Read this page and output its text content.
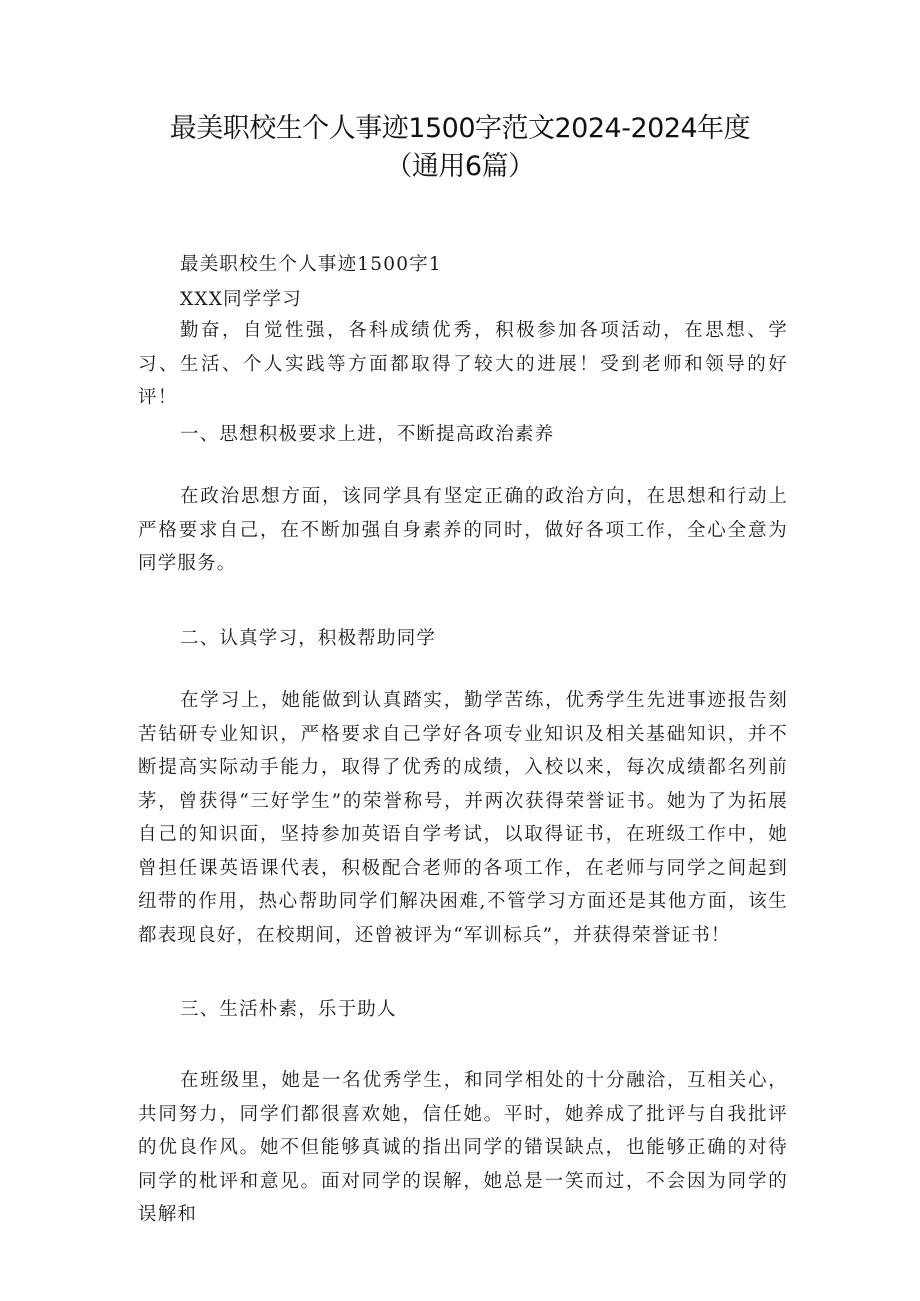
最美职校生个人事迹1500字范文2024-2024年度（通用6篇）
最美职校生个人事迹1500字1
XXX同学学习
勤奋，自觉性强，各科成绩优秀，积极参加各项活动，在思想、学习、生活、个人实践等方面都取得了较大的进展！受到老师和领导的好评！
一、思想积极要求上进，不断提高政治素养
在政治思想方面，该同学具有坚定正确的政治方向，在思想和行动上严格要求自己，在不断加强自身素养的同时，做好各项工作，全心全意为同学服务。
二、认真学习，积极帮助同学
在学习上，她能做到认真踏实，勤学苦练，优秀学生先进事迹报告刻苦钻研专业知识，严格要求自己学好各项专业知识及相关基础知识，并不断提高实际动手能力，取得了优秀的成绩，入校以来，每次成绩都名列前茅，曾获得“三好学生”的荣誉称号，并两次获得荣誉证书。她为了为拓展自己的知识面，坚持参加英语自学考试，以取得证书，在班级工作中，她曾担任课英语课代表，积极配合老师的各项工作，在老师与同学之间起到纽带的作用，热心帮助同学们解决困难,不管学习方面还是其他方面，该生都表现良好，在校期间，还曾被评为“军训标兵”，并获得荣誉证书！
三、生活朴素，乐于助人
在班级里，她是一名优秀学生，和同学相处的十分融洽，互相关心，共同努力，同学们都很喜欢她，信任她。平时，她养成了批评与自我批评的优良作风。她不但能够真诚的指出同学的错误缺点，也能够正确的对待同学的枇评和意见。面对同学的误解，她总是一笑而过，不会因为同学的误解和
